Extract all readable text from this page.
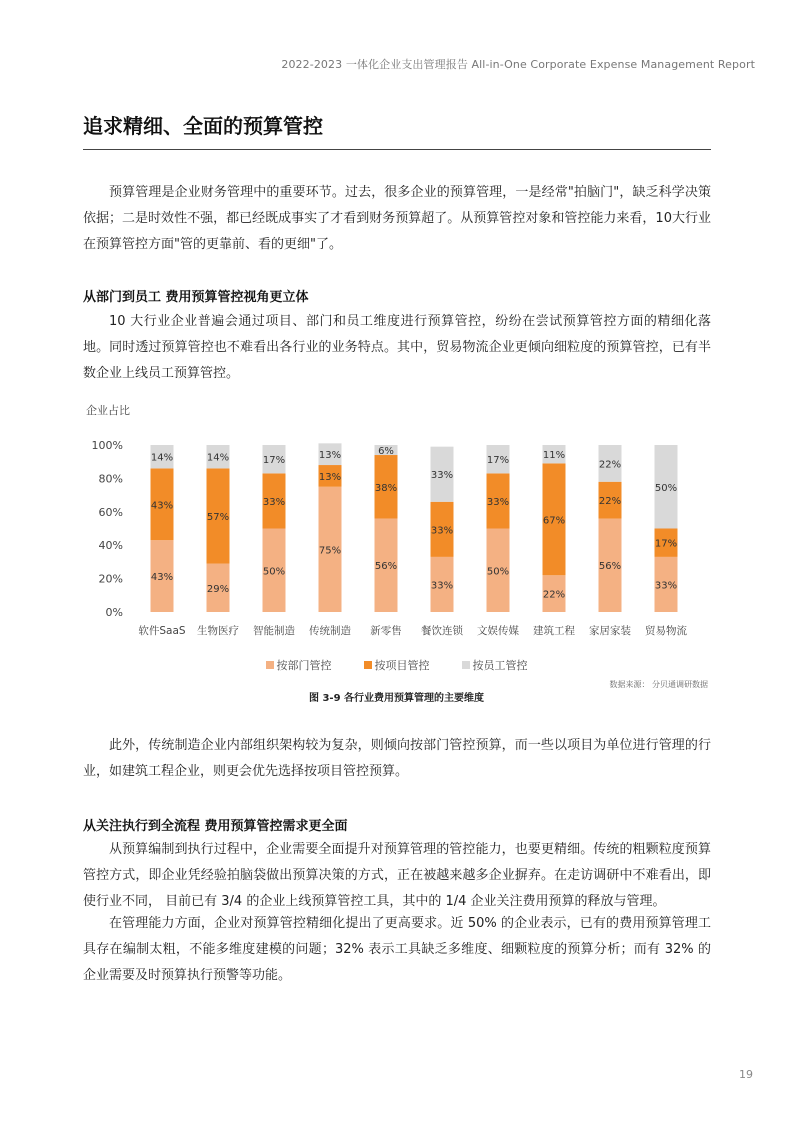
2022-2023 一体化企业支出管理报告 All-in-One Corporate Expense Management Report
追求精细、全面的预算管控

预算管理是企业财务管理中的重要环节。过去，很多企业的预算管理，一是经常"拍脑门"，缺乏科学决策依据；二是时效性不强，都已经既成事实了才看到财务预算超了。从预算管控对象和管控能力来看，10大行业在预算管控方面"管的更靠前、看的更细"了。

从部门到员工 费用预算管控视角更立体

10 大行业企业普遍会通过项目、部门和员工维度进行预算管控，纷纷在尝试预算管控方面的精细化落地。同时透过预算管控也不难看出各行业的业务特点。其中，贸易物流企业更倾向细粒度的预算管控，已有半数企业上线员工预算管控。

企业占比
0%
20%
40%
60%
80%
100%
43%
43%
14%
软件SaaS
29%
57%
14%
生物医疗
50%
33%
17%
智能制造
75%
13%
13%
传统制造
56%
38%
6%
新零售
33%
33%
33%
餐饮连锁
50%
33%
17%
文娱传媒
22%
67%
11%
建筑工程
56%
22%
22%
家居家装
33%
17%
50%
贸易物流
按部门管控	按项目管控	按员工管控
数据来源： 分贝通调研数据
图 3-9 各行业费用预算管理的主要维度

此外，传统制造企业内部组织架构较为复杂，则倾向按部门管控预算，而一些以项目为单位进行管理的行业，如建筑工程企业，则更会优先选择按项目管控预算。

从关注执行到全流程 费用预算管控需求更全面

从预算编制到执行过程中，企业需要全面提升对预算管理的管控能力，也要更精细。传统的粗颗粒度预算管控方式，即企业凭经验拍脑袋做出预算决策的方式，正在被越来越多企业摒弃。在走访调研中不难看出，即使行业不同， 目前已有 3/4 的企业上线预算管控工具，其中的 1/4 企业关注费用预算的释放与管理。

在管理能力方面，企业对预算管控精细化提出了更高要求。近 50% 的企业表示，已有的费用预算管理工具存在编制太粗，不能多维度建模的问题；32% 表示工具缺乏多维度、细颗粒度的预算分析；而有 32% 的企业需要及时预算执行预警等功能。

19
